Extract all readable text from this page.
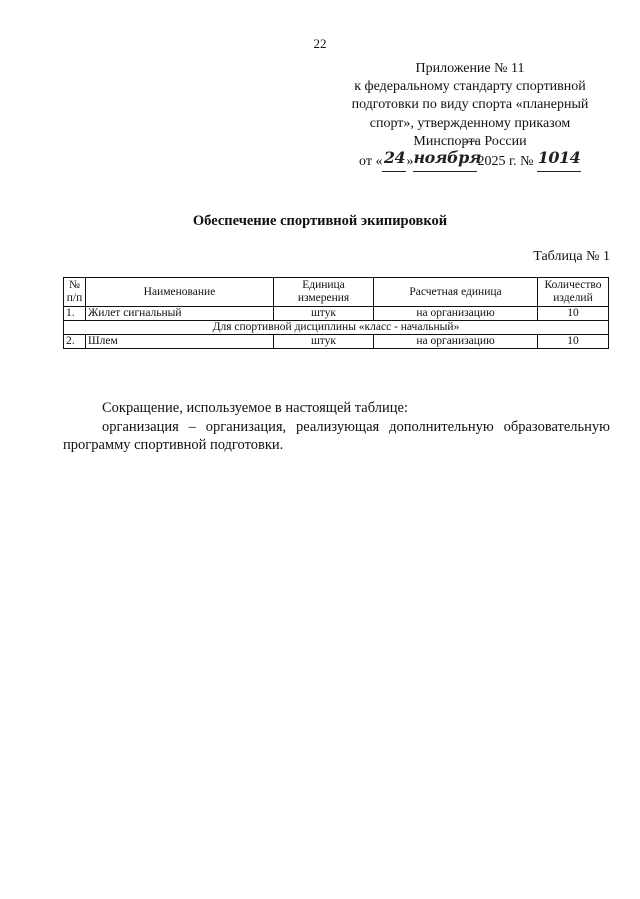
22
Приложение № 11
к федеральному стандарту спортивной
подготовки по виду спорта «планерный
спорт», утвержденному приказом
Минспорта России
от «24»ноября2025 г. № 1014
Обеспечение спортивной экипировкой
Таблица № 1
№ п/п	Наименование	Единица измерения	Расчетная единица	Количество изделий
1.	Жилет сигнальный	штук	на организацию	10
Для спортивной дисциплины «класс - начальный»				
2.	Шлем	штук	на организацию	10

Сокращение, используемое в настоящей таблице:

организация – организация, реализующая дополнительную образовательную программу спортивной подготовки.
